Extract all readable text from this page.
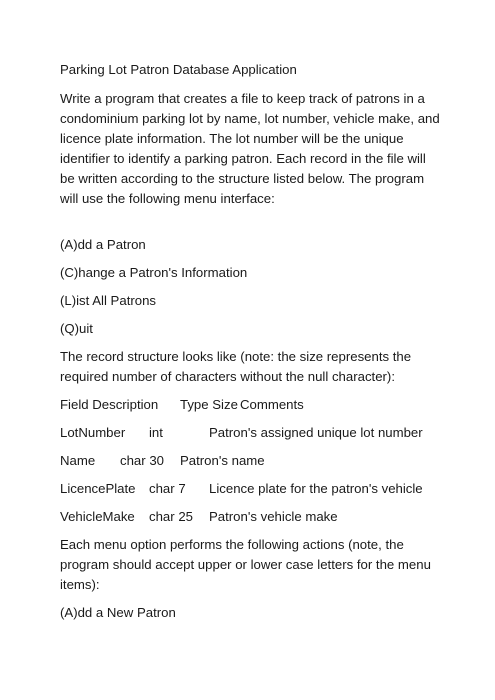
Parking Lot Patron Database Application

Write a program that creates a file to keep track of patrons in a condominium parking lot by name, lot number, vehicle make, and licence plate information. The lot number will be the unique identifier to identify a parking patron. Each record in the file will be written according to the structure listed below. The program will use the following menu interface:

(A)dd a Patron

(C)hange a Patron's Information

(L)ist All Patrons

(Q)uit

The record structure looks like (note: the size represents the required number of characters without the null character):

Field Description	Type Size Comments
LotNumber	int	Patron's assigned unique lot number
Name	char 30	Patron's name
LicencePlate	char 7	Licence plate for the patron's vehicle
VehicleMake	char 25	Patron's vehicle make

Each menu option performs the following actions (note, the program should accept upper or lower case letters for the menu items):

(A)dd a New Patron
